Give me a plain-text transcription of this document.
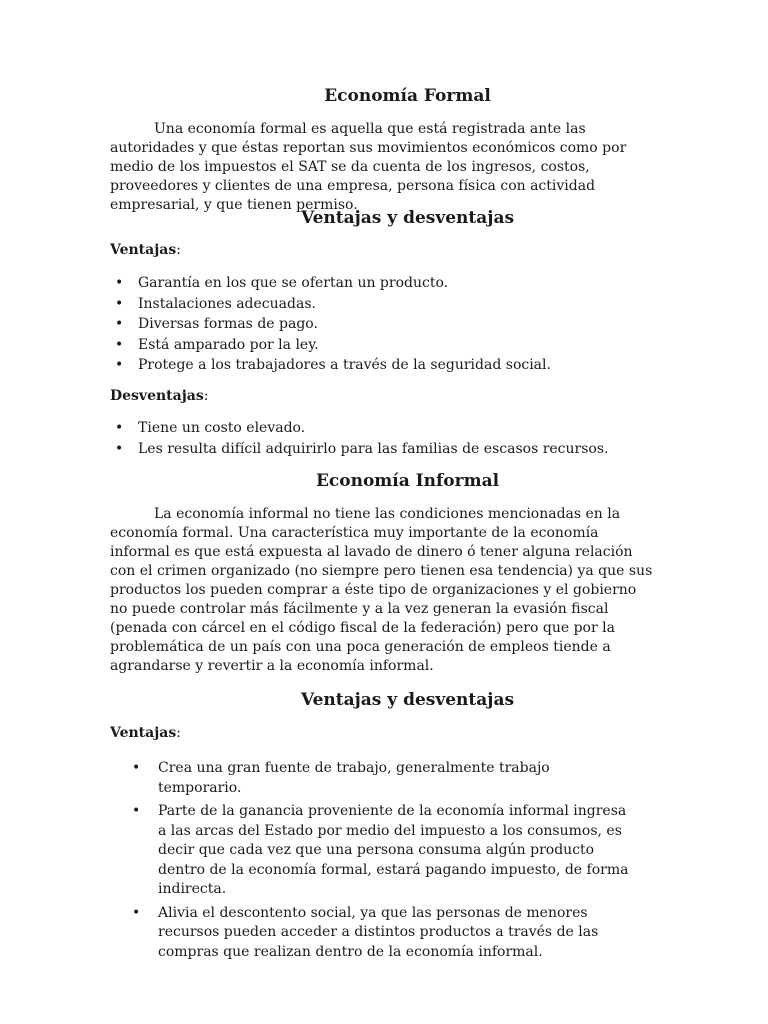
Economía Formal

Una economía formal es aquella que está registrada ante las autoridades y que éstas reportan sus movimientos económicos como por medio de los impuestos el SAT se da cuenta de los ingresos, costos, proveedores y clientes de una empresa, persona física con actividad empresarial, y que tienen permiso.

Ventajas y desventajas

Ventajas:

• Garantía en los que se ofertan un producto.
• Instalaciones adecuadas.
• Diversas formas de pago.
• Está amparado por la ley.
• Protege a los trabajadores a través de la seguridad social.

Desventajas:

• Tiene un costo elevado.
• Les resulta difícil adquirirlo para las familias de escasos recursos.
Economía Informal

La economía informal no tiene las condiciones mencionadas en la economía formal. Una característica muy importante de la economía informal es que está expuesta al lavado de dinero ó tener alguna relación con el crimen organizado (no siempre pero tienen esa tendencia) ya que sus productos los pueden comprar a éste tipo de organizaciones y el gobierno no puede controlar más fácilmente y a la vez generan la evasión fiscal (penada con cárcel en el código fiscal de la federación) pero que por la problemática de un país con una poca generación de empleos tiende a agrandarse y revertir a la economía informal.

Ventajas y desventajas

Ventajas:

• Crea una gran fuente de trabajo, generalmente trabajo temporario.
• Parte de la ganancia proveniente de la economía informal ingresa a las arcas del Estado por medio del impuesto a los consumos, es decir que cada vez que una persona consuma algún producto dentro de la economía formal, estará pagando impuesto, de forma indirecta.
• Alivia el descontento social, ya que las personas de menores recursos pueden acceder a distintos productos a través de las compras que realizan dentro de la economía informal.
